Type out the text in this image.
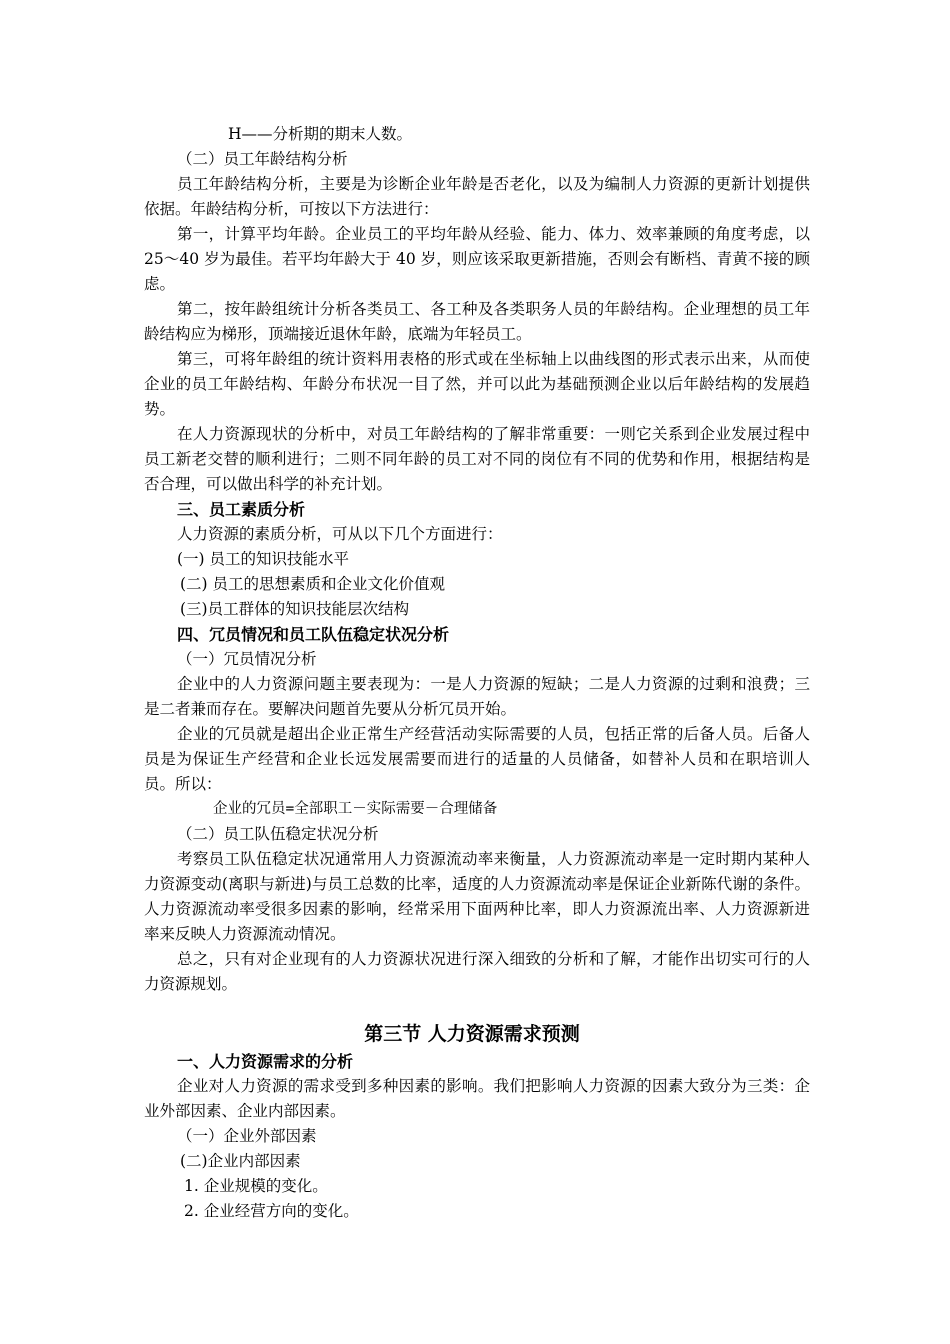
H——分析期的期末人数。

（二）员工年龄结构分析

员工年龄结构分析，主要是为诊断企业年龄是否老化，以及为编制人力资源的更新计划提供依据。年龄结构分析，可按以下方法进行：

第一，计算平均年龄。企业员工的平均年龄从经验、能力、体力、效率兼顾的角度考虑，以 25～40 岁为最佳。若平均年龄大于 40 岁，则应该采取更新措施，否则会有断档、青黄不接的顾虑。

第二，按年龄组统计分析各类员工、各工种及各类职务人员的年龄结构。企业理想的员工年龄结构应为梯形，顶端接近退休年龄，底端为年轻员工。

第三，可将年龄组的统计资料用表格的形式或在坐标轴上以曲线图的形式表示出来，从而使企业的员工年龄结构、年龄分布状况一目了然，并可以此为基础预测企业以后年龄结构的发展趋势。

在人力资源现状的分析中，对员工年龄结构的了解非常重要：一则它关系到企业发展过程中员工新老交替的顺利进行；二则不同年龄的员工对不同的岗位有不同的优势和作用，根据结构是否合理，可以做出科学的补充计划。

三、员工素质分析

人力资源的素质分析，可从以下几个方面进行：

(一) 员工的知识技能水平

(二) 员工的思想素质和企业文化价值观

(三)员工群体的知识技能层次结构

四、冗员情况和员工队伍稳定状况分析

（一）冗员情况分析

企业中的人力资源问题主要表现为：一是人力资源的短缺；二是人力资源的过剩和浪费；三是二者兼而存在。要解决问题首先要从分析冗员开始。

企业的冗员就是超出企业正常生产经营活动实际需要的人员，包括正常的后备人员。后备人员是为保证生产经营和企业长远发展需要而进行的适量的人员储备，如替补人员和在职培训人员。所以：

企业的冗员=全部职工－实际需要－合理储备

（二）员工队伍稳定状况分析

考察员工队伍稳定状况通常用人力资源流动率来衡量，人力资源流动率是一定时期内某种人力资源变动(离职与新进)与员工总数的比率，适度的人力资源流动率是保证企业新陈代谢的条件。人力资源流动率受很多因素的影响，经常采用下面两种比率，即人力资源流出率、人力资源新进率来反映人力资源流动情况。

总之，只有对企业现有的人力资源状况进行深入细致的分析和了解，才能作出切实可行的人力资源规划。

第三节 人力资源需求预测

一、人力资源需求的分析

企业对人力资源的需求受到多种因素的影响。我们把影响人力资源的因素大致分为三类：企业外部因素、企业内部因素。

（一）企业外部因素

(二)企业内部因素

1. 企业规模的变化。

2. 企业经营方向的变化。
